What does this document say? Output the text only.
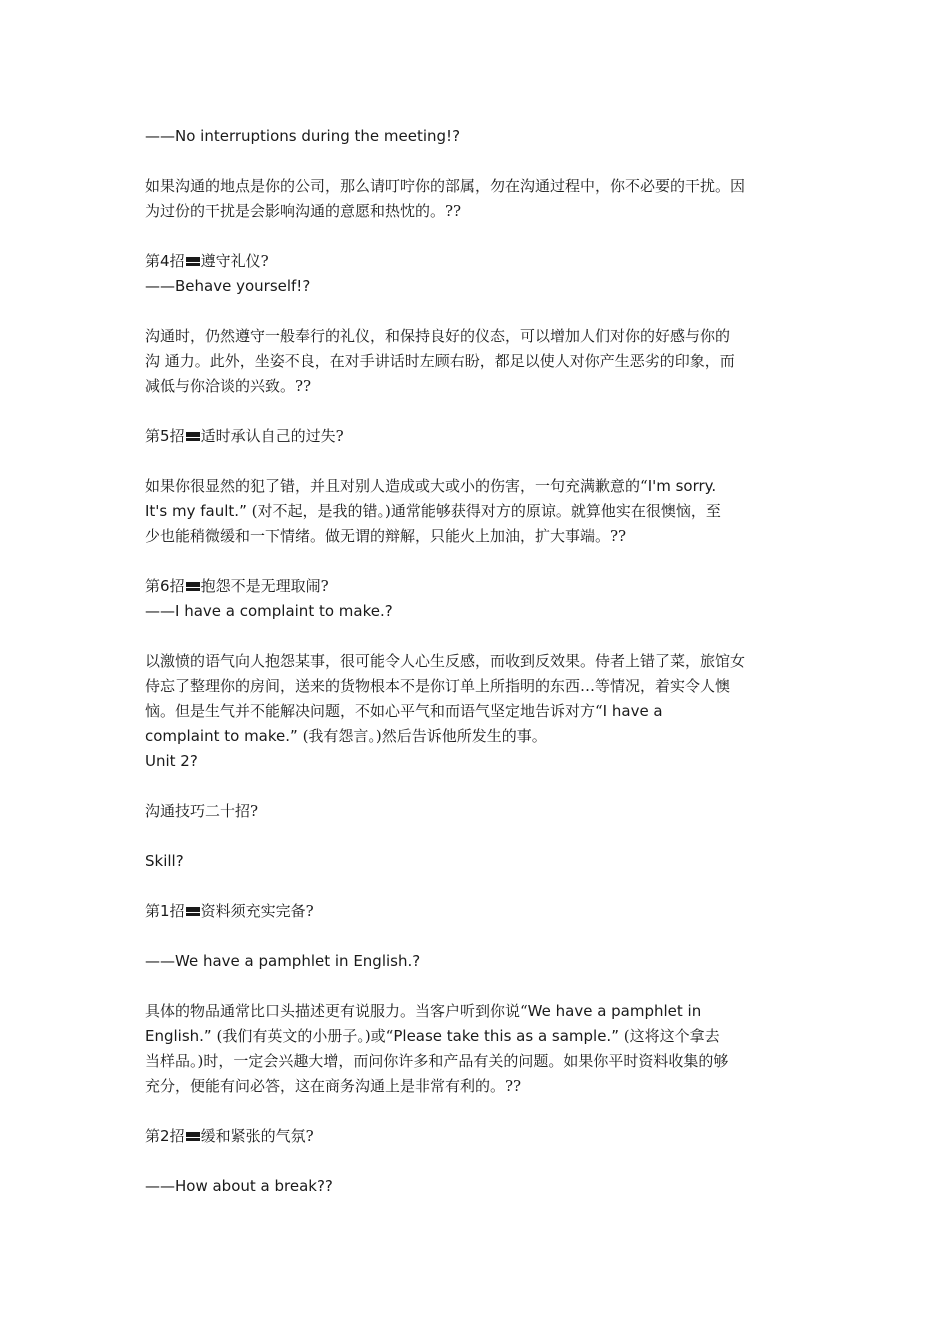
——No interruptions during the meeting!?
如果沟通的地点是你的公司，那么请叮咛你的部属，勿在沟通过程中，你不必要的干扰。因
为过份的干扰是会影响沟通的意愿和热忱的。??
第4招 遵守礼仪?
——Behave yourself!?
沟通时，仍然遵守一般奉行的礼仪，和保持良好的仪态，可以增加人们对你的好感与你的
沟 通力。此外，坐姿不良，在对手讲话时左顾右盼，都足以使人对你产生恶劣的印象，而
减低与你洽谈的兴致。??
第5招 适时承认自己的过失?
如果你很显然的犯了错，并且对别人造成或大或小的伤害，一句充满歉意的“I'm sorry.
It's my fault.” (对不起，是我的错。)通常能够获得对方的原谅。就算他实在很懊恼，至
少也能稍微缓和一下情绪。做无谓的辩解，只能火上加油，扩大事端。??
第6招 抱怨不是无理取闹?
——I have a complaint to make.?
以激愤的语气向人抱怨某事，很可能令人心生反感，而收到反效果。侍者上错了菜，旅馆女
侍忘了整理你的房间，送来的货物根本不是你订单上所指明的东西…等情况，着实令人懊
恼。但是生气并不能解决问题，不如心平气和而语气坚定地告诉对方“I have a
complaint to make.” (我有怨言。)然后告诉他所发生的事。
Unit 2?
沟通技巧二十招?
Skill?
第1招 资料须充实完备?
——We have a pamphlet in English.?
具体的物品通常比口头描述更有说服力。当客户听到你说“We have a pamphlet in
English.” (我们有英文的小册子。)或“Please take this as a sample.” (这将这个拿去
当样品。)时，一定会兴趣大增，而问你许多和产品有关的问题。如果你平时资料收集的够
充分，便能有问必答，这在商务沟通上是非常有利的。??
第2招 缓和紧张的气氛?
——How about a break??
